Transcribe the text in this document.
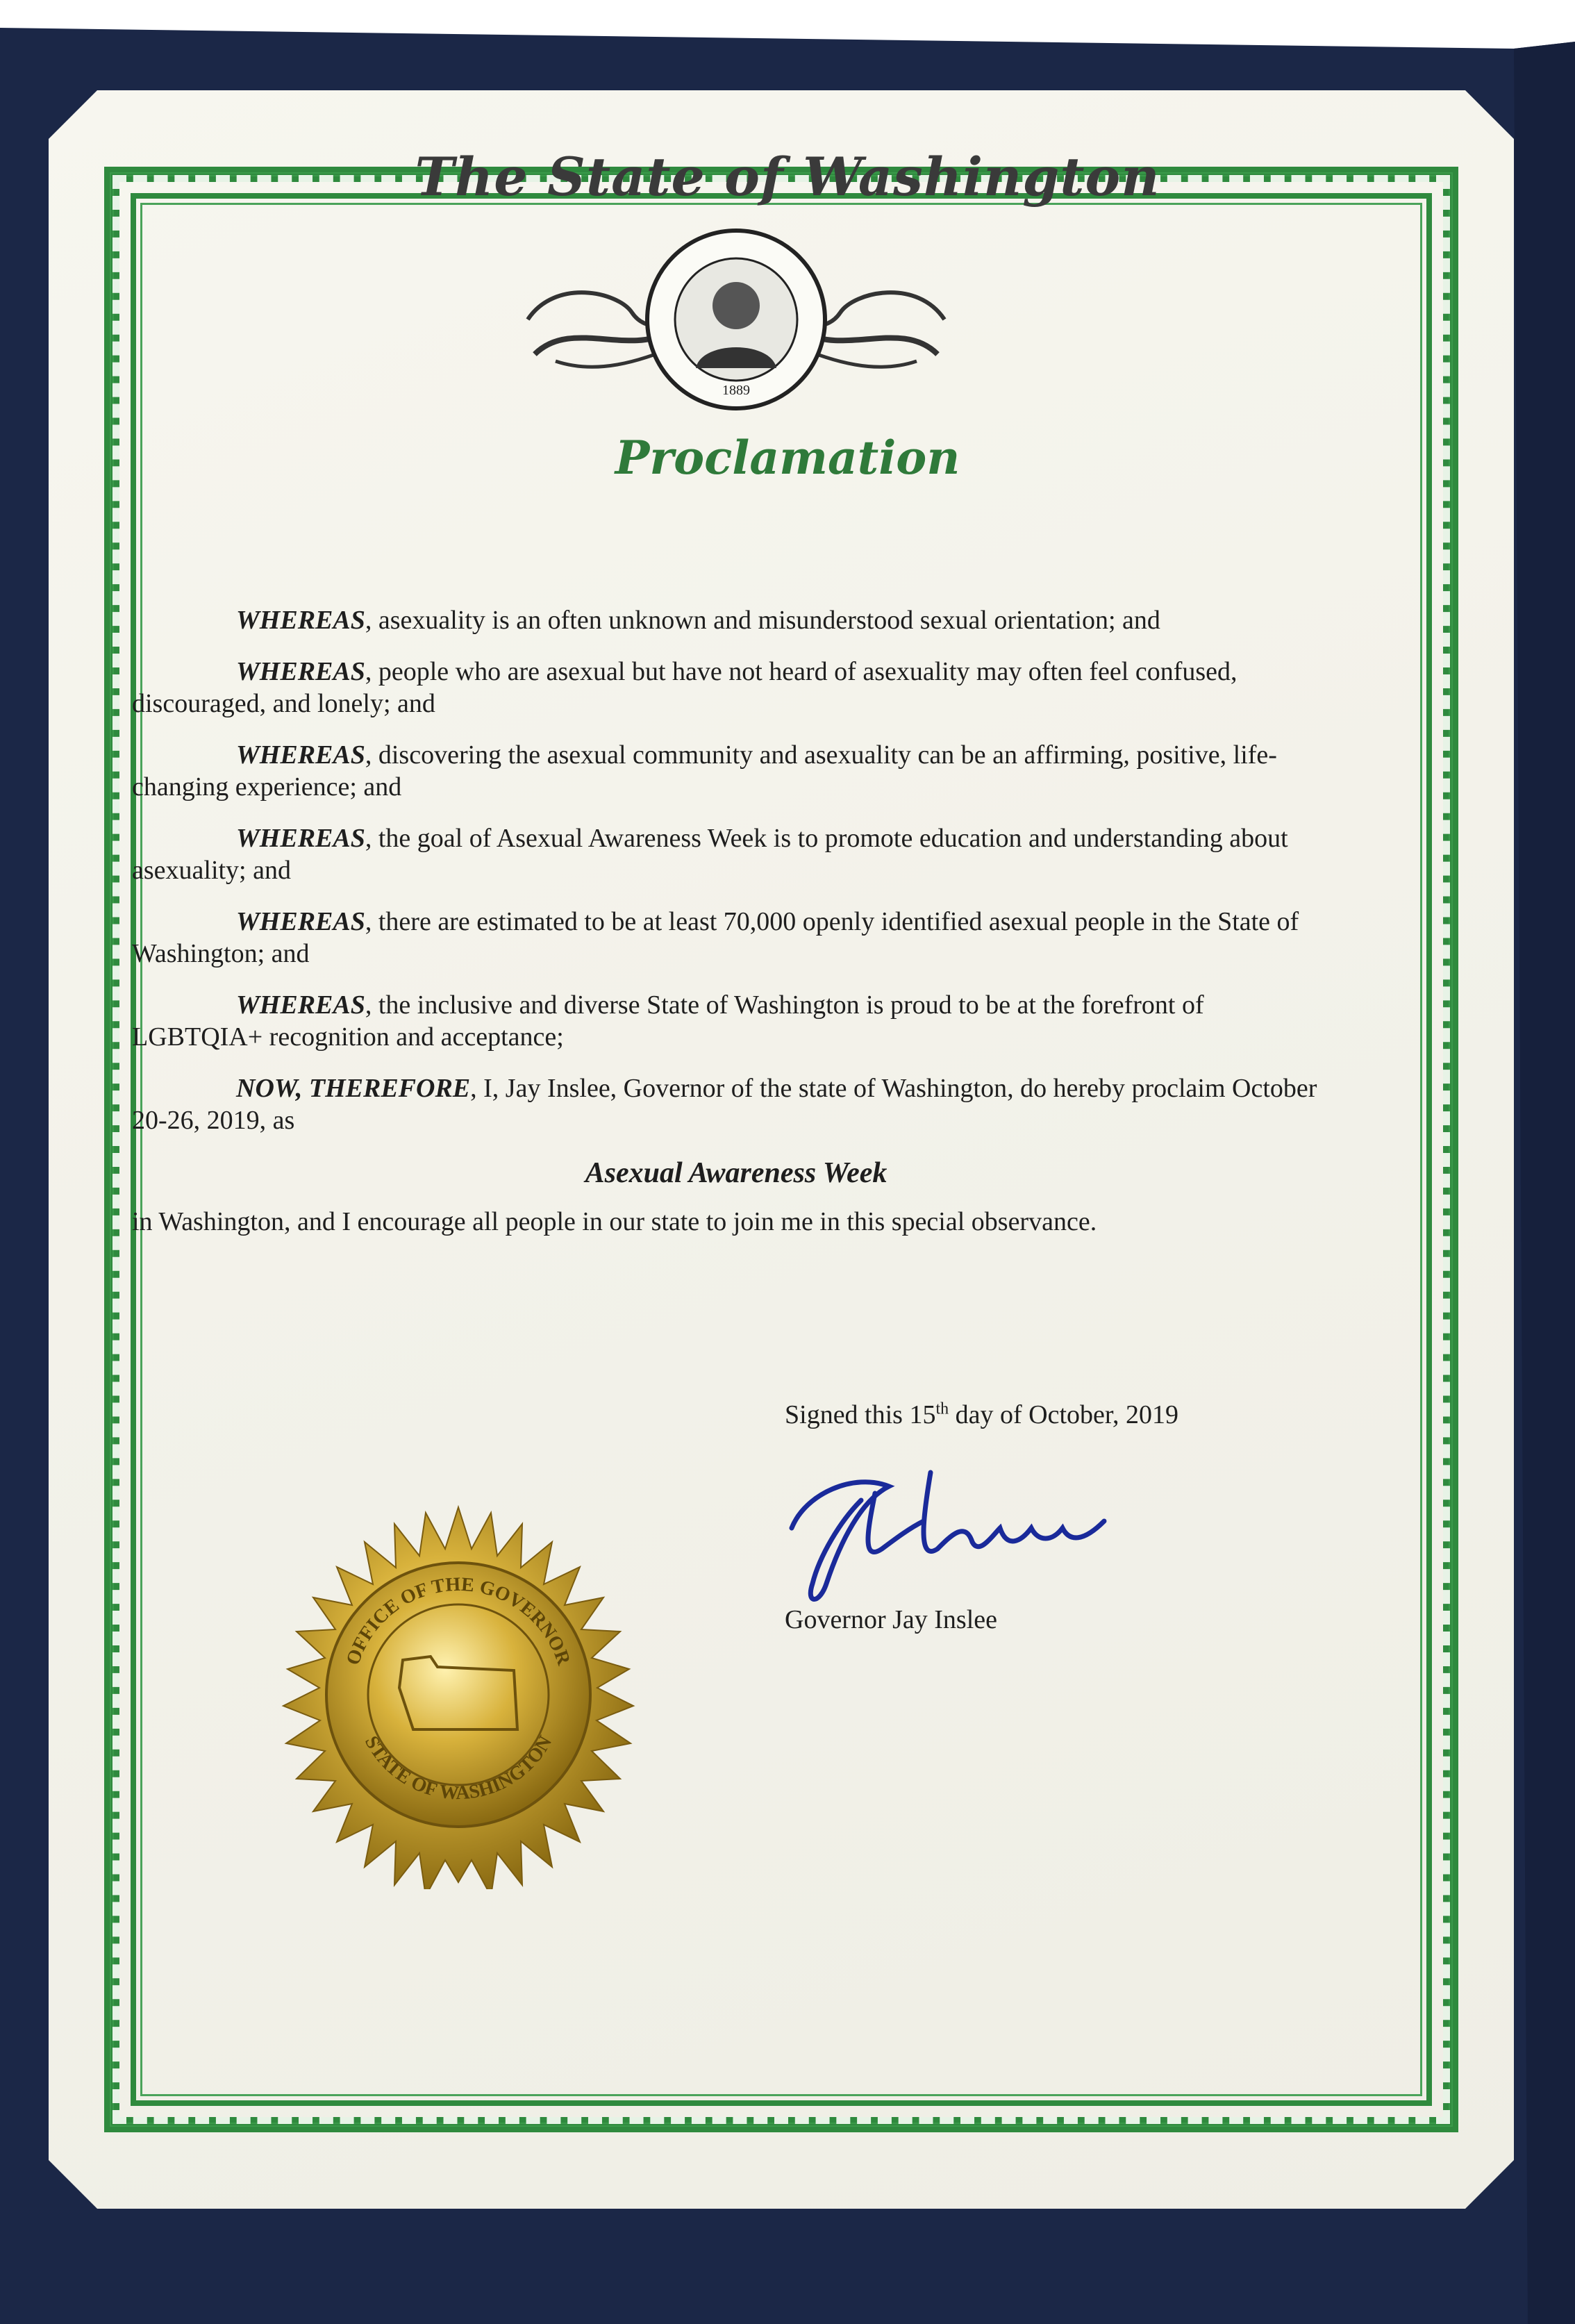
The State of Washington
1889
Proclamation

WHEREAS, asexuality is an often unknown and misunderstood sexual orientation; and

WHEREAS, people who are asexual but have not heard of asexuality may often feel confused, discouraged, and lonely; and

WHEREAS, discovering the asexual community and asexuality can be an affirming, positive, life-changing experience; and

WHEREAS, the goal of Asexual Awareness Week is to promote education and understanding about asexuality; and

WHEREAS, there are estimated to be at least 70,000 openly identified asexual people in the State of Washington; and

WHEREAS, the inclusive and diverse State of Washington is proud to be at the forefront of LGBTQIA+ recognition and acceptance;

NOW, THEREFORE, I, Jay Inslee, Governor of the state of Washington, do hereby proclaim October 20-26, 2019, as

Asexual Awareness Week

in Washington, and I encourage all people in our state to join me in this special observance.

Signed this 15th day of October, 2019
Governor Jay Inslee
OFFICE OF THE GOVERNOR
STATE OF WASHINGTON
